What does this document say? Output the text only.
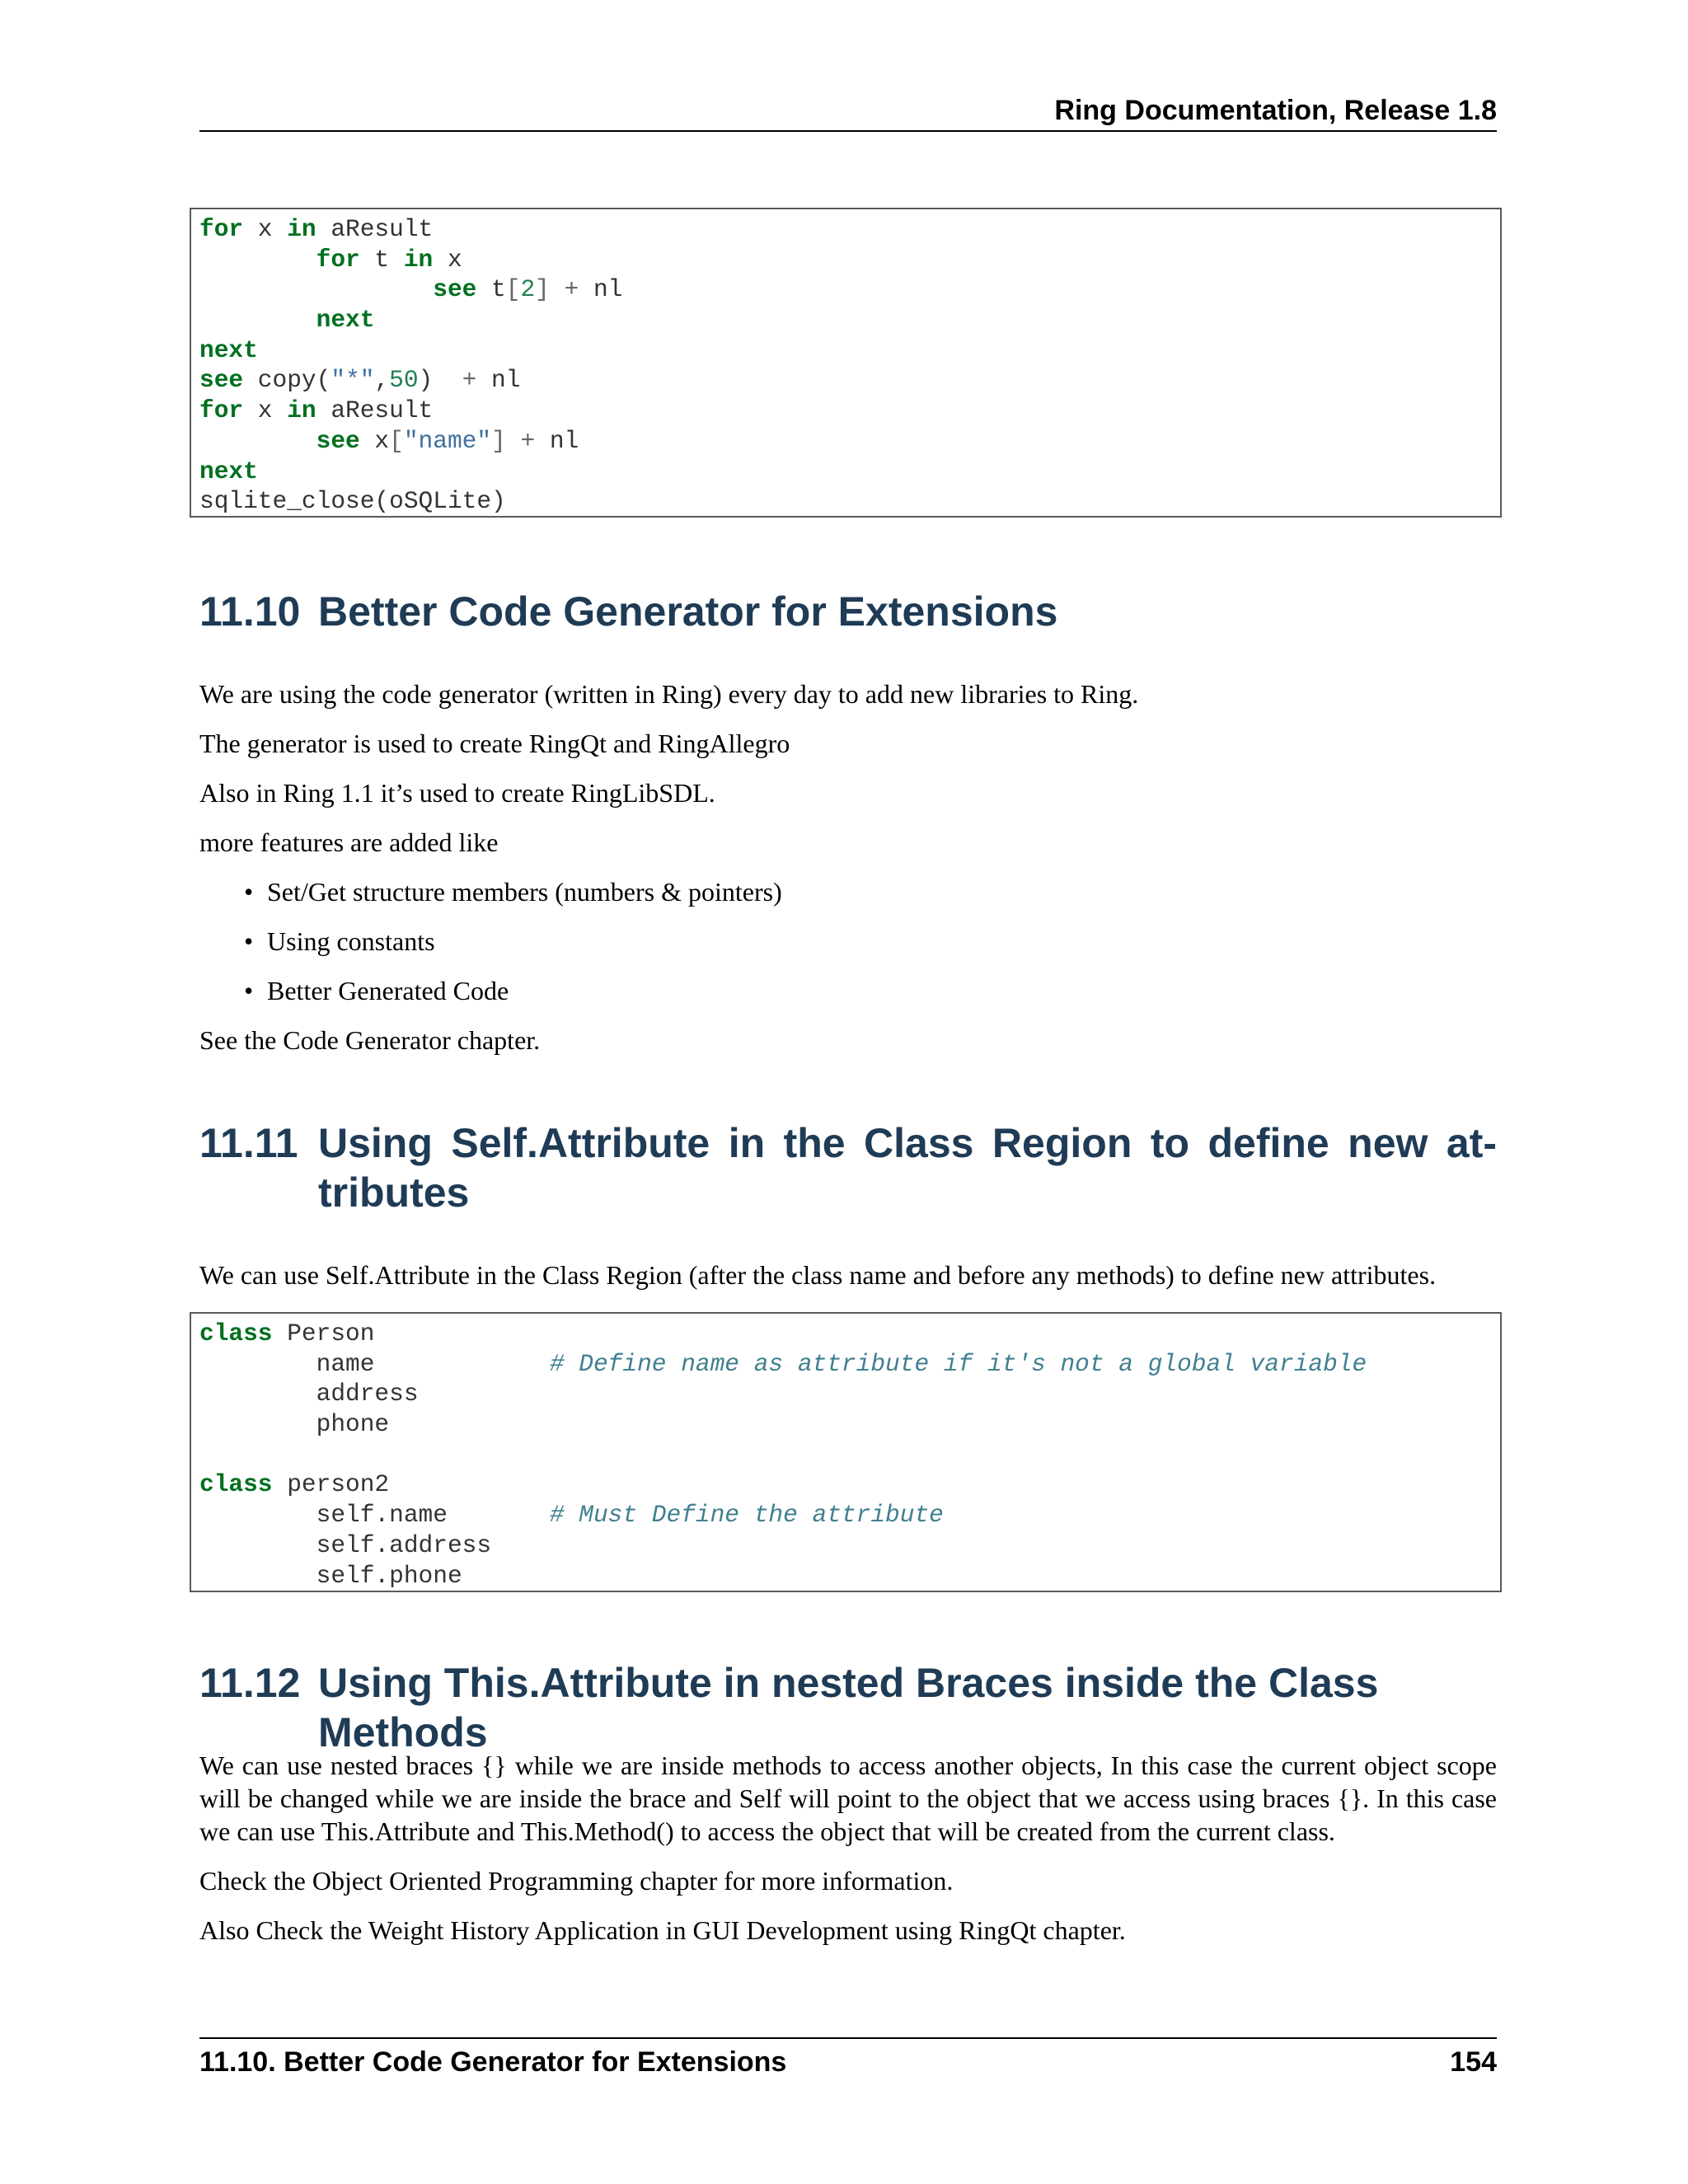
Ring Documentation, Release 1.8
for x in aResult
for t in x
see t[2] + nl
next
next
see copy("*",50)  + nl
for x in aResult
see x["name"] + nl
next
sqlite_close(oSQLite)
11.10 Better Code Generator for Extensions

We are using the code generator (written in Ring) every day to add new libraries to Ring.

The generator is used to create RingQt and RingAllegro

Also in Ring 1.1 it’s used to create RingLibSDL.

more features are added like

• Set/Get structure members (numbers & pointers)
• Using constants
• Better Generated Code

See the Code Generator chapter.

11.11 Using Self.Attribute in the Class Region to define new at-
tributes

We can use Self.Attribute in the Class Region (after the class name and before any methods) to define new attributes.

class Person
name            # Define name as attribute if it's not a global variable
address
phone
class person2
self.name       # Must Define the attribute
self.address
self.phone
11.12 Using This.Attribute in nested Braces inside the Class Methods

We can use nested braces {} while we are inside methods to access another objects, In this case the current object scope will be changed while we are inside the brace and Self will point to the object that we access using braces {}. In this case we can use This.Attribute and This.Method() to access the object that will be created from the current class.

Check the Object Oriented Programming chapter for more information.

Also Check the Weight History Application in GUI Development using RingQt chapter.

11.10. Better Code Generator for Extensions	154
